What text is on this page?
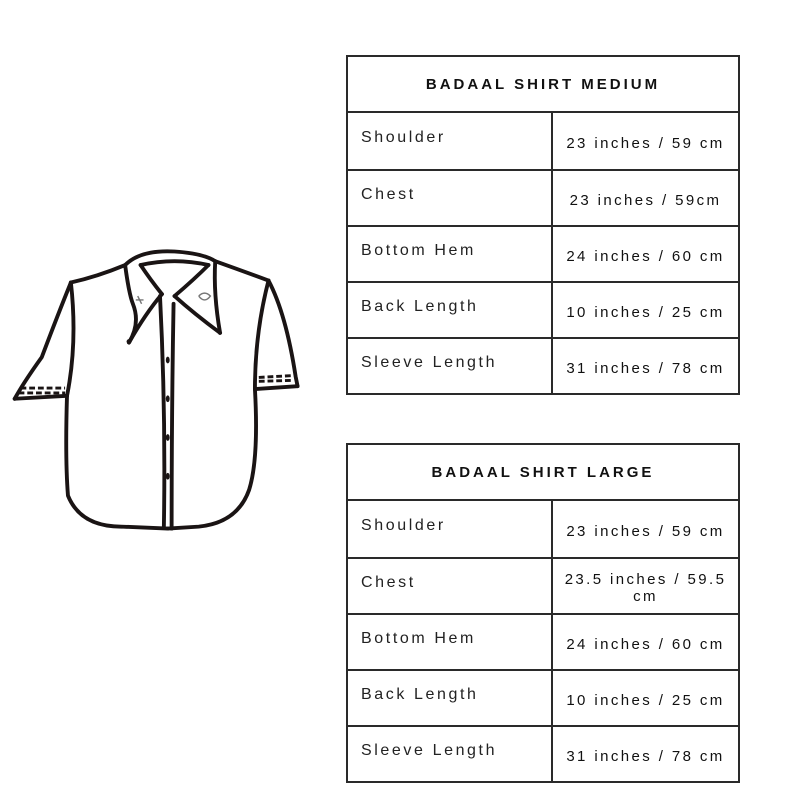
BADAAL SHIRT MEDIUM	
Shoulder	23 inches / 59 cm
Chest	23 inches / 59cm
Bottom Hem	24 inches / 60 cm
Back Length	10 inches / 25 cm
Sleeve Length	31 inches / 78 cm
BADAAL SHIRT LARGE	
Shoulder	23 inches / 59 cm
Chest	23.5 inches / 59.5 cm
Bottom Hem	24 inches / 60 cm
Back Length	10 inches / 25 cm
Sleeve Length	31 inches / 78 cm
